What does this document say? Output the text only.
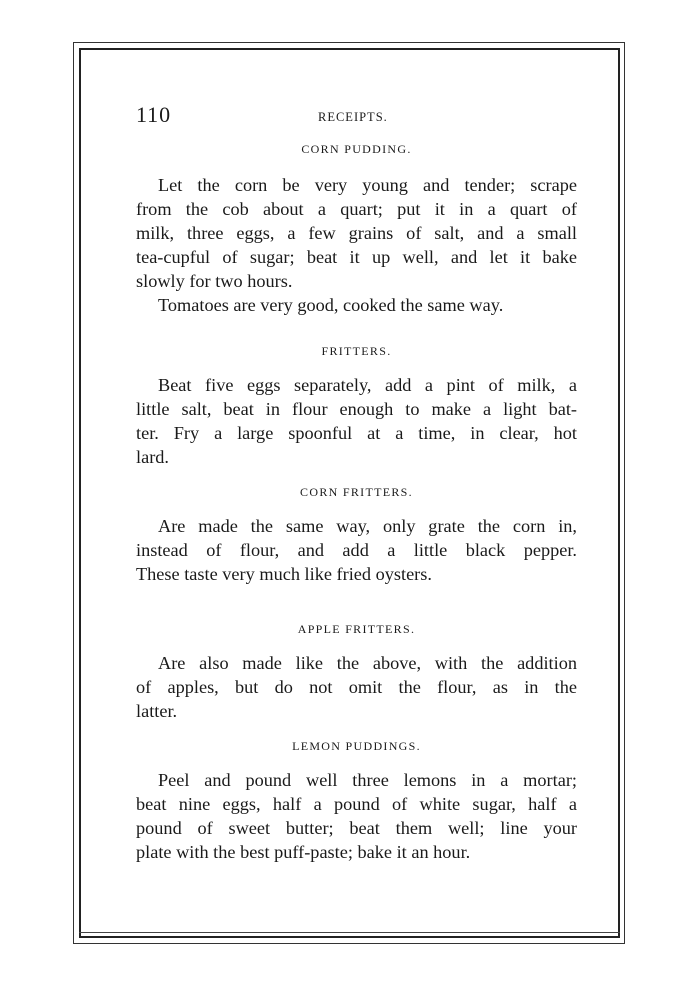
110	RECEIPTS.
CORN PUDDING.
Let the corn be very young and tender; scrape
from the cob about a quart; put it in a quart of
milk, three eggs, a few grains of salt, and a small
tea-cupful of sugar; beat it up well, and let it bake
slowly for two hours.
Tomatoes are very good, cooked the same way.
FRITTERS.
Beat five eggs separately, add a pint of milk, a
little salt, beat in flour enough to make a light bat-
ter. Fry a large spoonful at a time, in clear, hot
lard.
CORN FRITTERS.
Are made the same way, only grate the corn in,
instead of flour, and add a little black pepper.
These taste very much like fried oysters.
APPLE FRITTERS.
Are also made like the above, with the addition
of apples, but do not omit the flour, as in the
latter.
LEMON PUDDINGS.
Peel and pound well three lemons in a mortar;
beat nine eggs, half a pound of white sugar, half a
pound of sweet butter; beat them well; line your
plate with the best puff-paste; bake it an hour.
